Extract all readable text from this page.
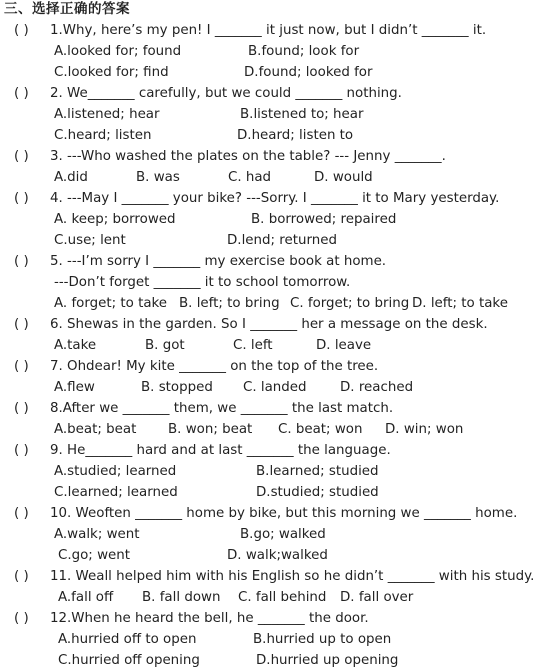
三、选择正确的答案
( ) 1.Why, here’s my pen! I _______ it just now, but I didn’t _______ it.
A.looked for; found	B.found; look for
C.looked for; find	D.found; looked for
( ) 2. We_______ carefully, but we could _______ nothing.
A.listened; hear	B.listened to; hear
C.heard; listen	D.heard; listen to
( ) 3. ---Who washed the plates on the table? --- Jenny _______.
A.did	B. was	C. had	D. would
( ) 4. ---May I _______ your bike? ---Sorry. I _______ it to Mary yesterday.
A. keep; borrowed	B. borrowed; repaired
C.use; lent	D.lend; returned
( ) 5. ---I’m sorry I _______ my exercise book at home.
---Don’t forget _______ it to school tomorrow.
A. forget; to take B. left; to bring C. forget; to bring D. left; to take
( ) 6. Shewas in the garden. So I _______ her a message on the desk.
A.take	B. got	C. left	D. leave
( ) 7. Ohdear! My kite _______ on the top of the tree.
A.flew	B. stopped C. landed D. reached
( ) 8.After we _______ them, we _______ the last match.
A.beat; beat B. won; beat C. beat; won D. win; won
( ) 9. He_______ hard and at last _______ the language.
A.studied; learned	B.learned; studied
C.learned; learned	D.studied; studied
( ) 10. Weoften _______ home by bike, but this morning we _______ home.
A.walk; went	B.go; walked
C.go; went	D. walk;walked
( ) 11. Weall helped him with his English so he didn’t _______ with his study.
A.fall off B. fall down C. fall behind D. fall over
( ) 12.When he heard the bell, he _______ the door.
A.hurried off to open	B.hurried up to open
C.hurried off opening	D.hurried up opening
